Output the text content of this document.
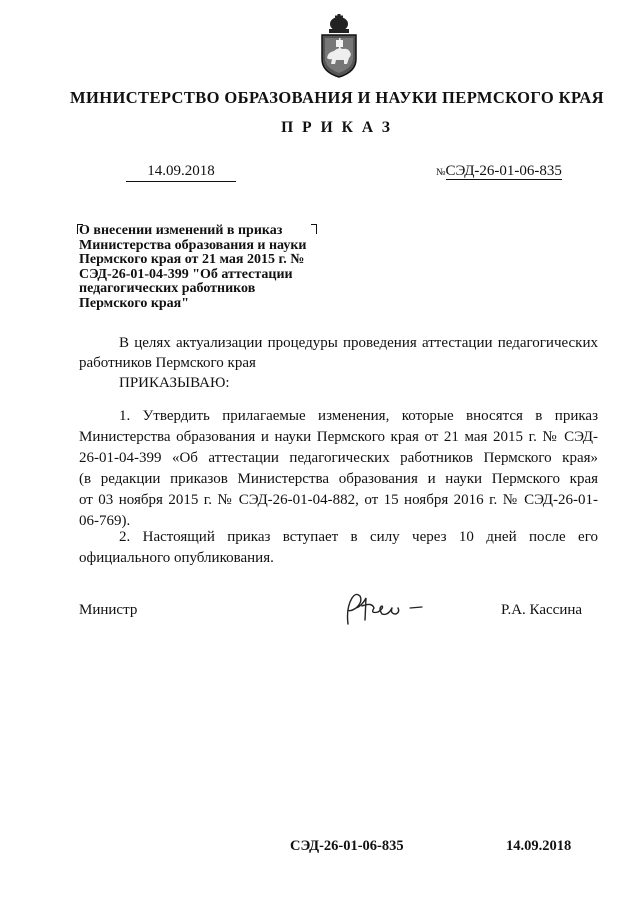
МИНИСТЕРСТВО ОБРАЗОВАНИЯ И НАУКИ ПЕРМСКОГО КРАЯ
ПРИКАЗ
14.09.2018	№СЭД-26-01-06-835
О внесении изменений в приказ
Министерства образования и науки
Пермского края от 21 мая 2015 г. №
СЭД-26-01-04-399 "Об аттестации
педагогических работников
Пермского края"
В целях актуализации процедуры проведения аттестации педагогических
работников Пермского края
ПРИКАЗЫВАЮ:
1. Утвердить прилагаемые изменения, которые вносятся в приказ
Министерства образования и науки Пермского края от 21 мая 2015 г. № СЭД-
26-01-04-399 «Об аттестации педагогических работников Пермского края»
(в редакции приказов Министерства образования и науки Пермского края
от 03 ноября 2015 г. № СЭД-26-01-04-882, от 15 ноября 2016 г. № СЭД-26-01-
06-769).
2. Настоящий приказ вступает в силу через 10 дней после его
официального опубликования.
Министр	Р.А. Кассина
СЭД-26-01-06-835	14.09.2018
